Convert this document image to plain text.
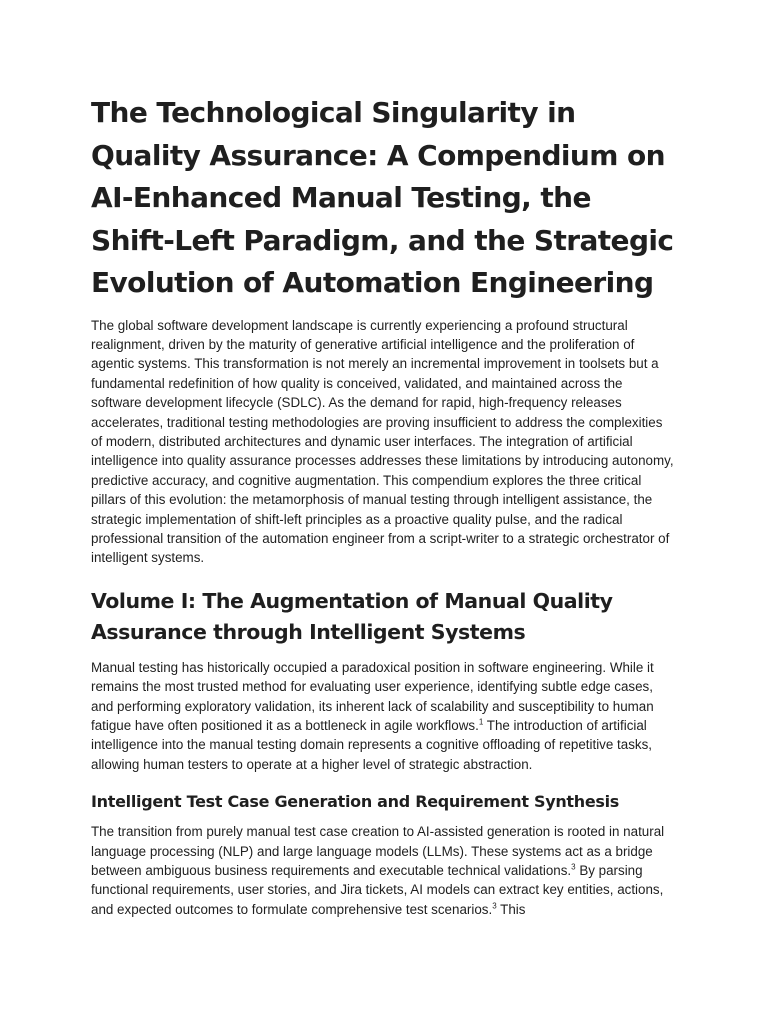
The Technological Singularity in Quality Assurance: A Compendium on AI-Enhanced Manual Testing, the Shift-Left Paradigm, and the Strategic Evolution of Automation Engineering

The global software development landscape is currently experiencing a profound structural realignment, driven by the maturity of generative artificial intelligence and the proliferation of agentic systems. This transformation is not merely an incremental improvement in toolsets but a fundamental redefinition of how quality is conceived, validated, and maintained across the software development lifecycle (SDLC). As the demand for rapid, high-frequency releases accelerates, traditional testing methodologies are proving insufficient to address the complexities of modern, distributed architectures and dynamic user interfaces. The integration of artificial intelligence into quality assurance processes addresses these limitations by introducing autonomy, predictive accuracy, and cognitive augmentation. This compendium explores the three critical pillars of this evolution: the metamorphosis of manual testing through intelligent assistance, the strategic implementation of shift-left principles as a proactive quality pulse, and the radical professional transition of the automation engineer from a script-writer to a strategic orchestrator of intelligent systems.

Volume I: The Augmentation of Manual Quality Assurance through Intelligent Systems

Manual testing has historically occupied a paradoxical position in software engineering. While it remains the most trusted method for evaluating user experience, identifying subtle edge cases, and performing exploratory validation, its inherent lack of scalability and susceptibility to human fatigue have often positioned it as a bottleneck in agile workflows.$^1$ The introduction of artificial intelligence into the manual testing domain represents a cognitive offloading of repetitive tasks, allowing human testers to operate at a higher level of strategic abstraction.

Intelligent Test Case Generation and Requirement Synthesis

The transition from purely manual test case creation to AI-assisted generation is rooted in natural language processing (NLP) and large language models (LLMs). These systems act as a bridge between ambiguous business requirements and executable technical validations.$^3$ By parsing functional requirements, user stories, and Jira tickets, AI models can extract key entities, actions, and expected outcomes to formulate comprehensive test scenarios.$^3$ This
